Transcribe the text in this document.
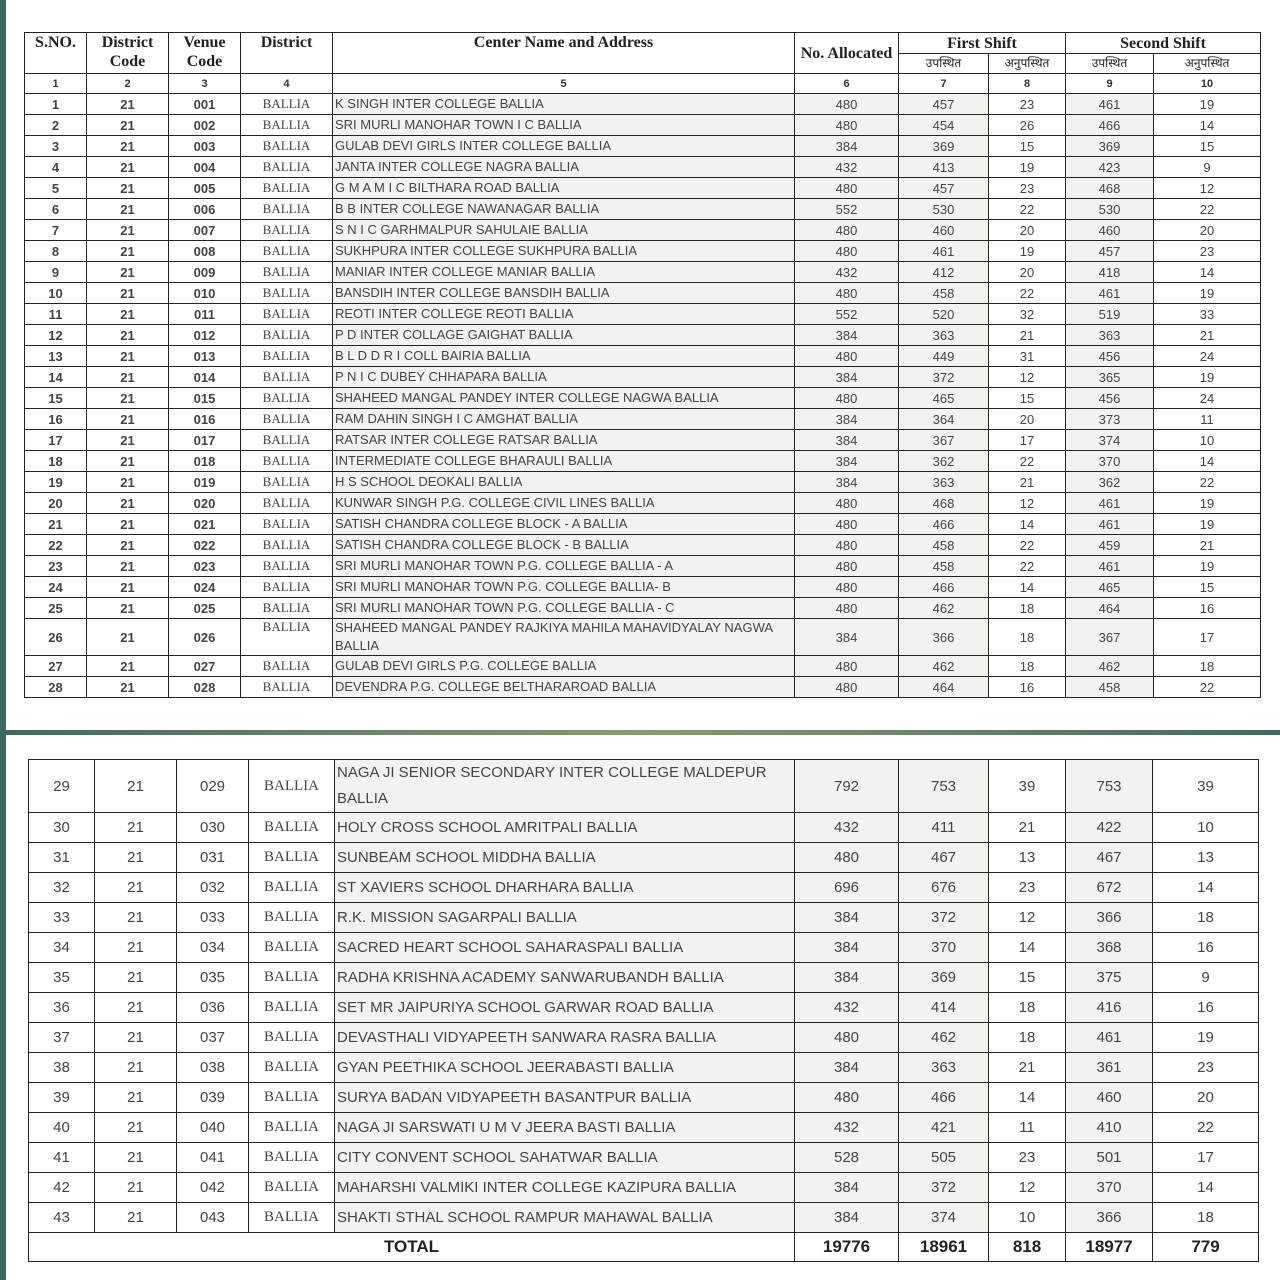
S.NO.	District Code	Venue Code	District	Center Name and Address	No. Allocated	First Shift		Second Shift	
						उपस्थित	अनुपस्थित	उपस्थित	अनुपस्थित
1	2	3	4	5	6	7	8	9	10
1	21	001	BALLIA	K SINGH INTER COLLEGE BALLIA	480	457	23	461	19
2	21	002	BALLIA	SRI MURLI MANOHAR TOWN I C BALLIA	480	454	26	466	14
3	21	003	BALLIA	GULAB DEVI GIRLS INTER COLLEGE BALLIA	384	369	15	369	15
4	21	004	BALLIA	JANTA INTER COLLEGE NAGRA BALLIA	432	413	19	423	9
5	21	005	BALLIA	G M A M I C BILTHARA ROAD BALLIA	480	457	23	468	12
6	21	006	BALLIA	B B INTER COLLEGE NAWANAGAR BALLIA	552	530	22	530	22
7	21	007	BALLIA	S N I C GARHMALPUR SAHULAIE BALLIA	480	460	20	460	20
8	21	008	BALLIA	SUKHPURA INTER COLLEGE SUKHPURA BALLIA	480	461	19	457	23
9	21	009	BALLIA	MANIAR INTER COLLEGE MANIAR BALLIA	432	412	20	418	14
10	21	010	BALLIA	BANSDIH INTER COLLEGE BANSDIH BALLIA	480	458	22	461	19
11	21	011	BALLIA	REOTI INTER COLLEGE REOTI BALLIA	552	520	32	519	33
12	21	012	BALLIA	P D INTER COLLAGE GAIGHAT BALLIA	384	363	21	363	21
13	21	013	BALLIA	B L D D R I COLL BAIRIA BALLIA	480	449	31	456	24
14	21	014	BALLIA	P N I C DUBEY CHHAPARA BALLIA	384	372	12	365	19
15	21	015	BALLIA	SHAHEED MANGAL PANDEY INTER COLLEGE NAGWA BALLIA	480	465	15	456	24
16	21	016	BALLIA	RAM DAHIN SINGH I C AMGHAT BALLIA	384	364	20	373	11
17	21	017	BALLIA	RATSAR INTER COLLEGE RATSAR BALLIA	384	367	17	374	10
18	21	018	BALLIA	INTERMEDIATE COLLEGE BHARAULI BALLIA	384	362	22	370	14
19	21	019	BALLIA	H S SCHOOL DEOKALI BALLIA	384	363	21	362	22
20	21	020	BALLIA	KUNWAR SINGH P.G. COLLEGE CIVIL LINES BALLIA	480	468	12	461	19
21	21	021	BALLIA	SATISH CHANDRA COLLEGE BLOCK - A BALLIA	480	466	14	461	19
22	21	022	BALLIA	SATISH CHANDRA COLLEGE BLOCK - B BALLIA	480	458	22	459	21
23	21	023	BALLIA	SRI MURLI MANOHAR TOWN P.G. COLLEGE BALLIA - A	480	458	22	461	19
24	21	024	BALLIA	SRI MURLI MANOHAR TOWN P.G. COLLEGE BALLIA- B	480	466	14	465	15
25	21	025	BALLIA	SRI MURLI MANOHAR TOWN P.G. COLLEGE BALLIA - C	480	462	18	464	16
26	21	026	BALLIA	SHAHEED MANGAL PANDEY RAJKIYA MAHILA MAHAVIDYALAY NAGWA BALLIA	384	366	18	367	17
27	21	027	BALLIA	GULAB DEVI GIRLS P.G. COLLEGE BALLIA	480	462	18	462	18
28	21	028	BALLIA	DEVENDRA P.G. COLLEGE BELTHARAROAD BALLIA	480	464	16	458	22
29	21	029	BALLIA	NAGA JI SENIOR SECONDARY INTER COLLEGE MALDEPUR BALLIA	792	753	39	753	39
30	21	030	BALLIA	HOLY CROSS SCHOOL AMRITPALI BALLIA	432	411	21	422	10
31	21	031	BALLIA	SUNBEAM SCHOOL MIDDHA BALLIA	480	467	13	467	13
32	21	032	BALLIA	ST XAVIERS SCHOOL DHARHARA BALLIA	696	676	23	672	14
33	21	033	BALLIA	R.K. MISSION SAGARPALI BALLIA	384	372	12	366	18
34	21	034	BALLIA	SACRED HEART SCHOOL SAHARASPALI BALLIA	384	370	14	368	16
35	21	035	BALLIA	RADHA KRISHNA ACADEMY SANWARUBANDH BALLIA	384	369	15	375	9
36	21	036	BALLIA	SET MR JAIPURIYA SCHOOL GARWAR ROAD BALLIA	432	414	18	416	16
37	21	037	BALLIA	DEVASTHALI VIDYAPEETH SANWARA RASRA BALLIA	480	462	18	461	19
38	21	038	BALLIA	GYAN PEETHIKA SCHOOL JEERABASTI BALLIA	384	363	21	361	23
39	21	039	BALLIA	SURYA BADAN VIDYAPEETH BASANTPUR BALLIA	480	466	14	460	20
40	21	040	BALLIA	NAGA JI SARSWATI U M V JEERA BASTI BALLIA	432	421	11	410	22
41	21	041	BALLIA	CITY CONVENT SCHOOL SAHATWAR BALLIA	528	505	23	501	17
42	21	042	BALLIA	MAHARSHI VALMIKI INTER COLLEGE KAZIPURA BALLIA	384	372	12	370	14
43	21	043	BALLIA	SHAKTI STHAL SCHOOL RAMPUR MAHAWAL BALLIA	384	374	10	366	18
TOTAL					19776	18961	818	18977	779
